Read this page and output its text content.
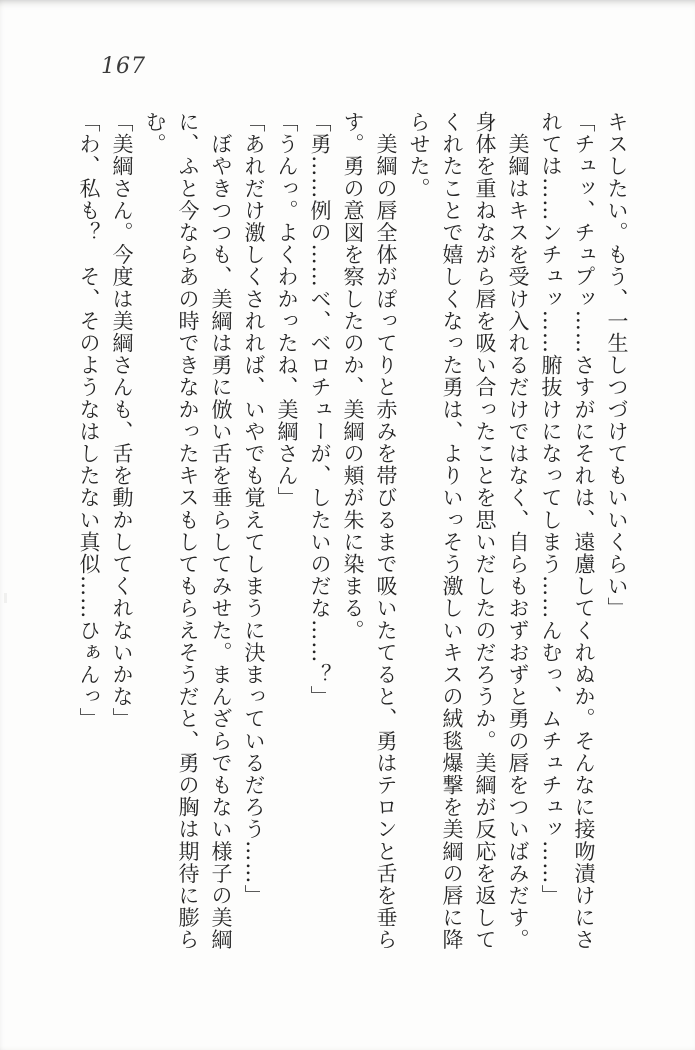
167
キスしたい。もう、一生しつづけてもいいくらい」
「チュッ、チュプッ……さすがにそれは、遠慮してくれぬか。そんなに接吻漬けにさ
れては……ンチュッ……腑抜けになってしまう……んむっ、ムチュチュッ……」
　美綱はキスを受け入れるだけではなく、自らもおずおずと勇の唇をついばみだす。
身体を重ねながら唇を吸い合ったことを思いだしたのだろうか。美綱が反応を返して
くれたことで嬉しくなった勇は、よりいっそう激しいキスの絨毯爆撃を美綱の唇に降
らせた。
　美綱の唇全体がぽってりと赤みを帯びるまで吸いたてると、勇はテロンと舌を垂ら
す。勇の意図を察したのか、美綱の頬が朱に染まる。
「勇……例の……ベ、ベロチューが、したいのだな……？」
「うんっ。よくわかったね、美綱さん」
「あれだけ激しくされれば、いやでも覚えてしまうに決まっているだろう……」
　ぼやきつつも、美綱は勇に倣い舌を垂らしてみせた。まんざらでもない様子の美綱
に、ふと今ならあの時できなかったキスもしてもらえそうだと、勇の胸は期待に膨ら
む。
「美綱さん。今度は美綱さんも、舌を動かしてくれないかな」
「わ、私も？　そ、そのようなはしたない真似……ひぁんっ」
